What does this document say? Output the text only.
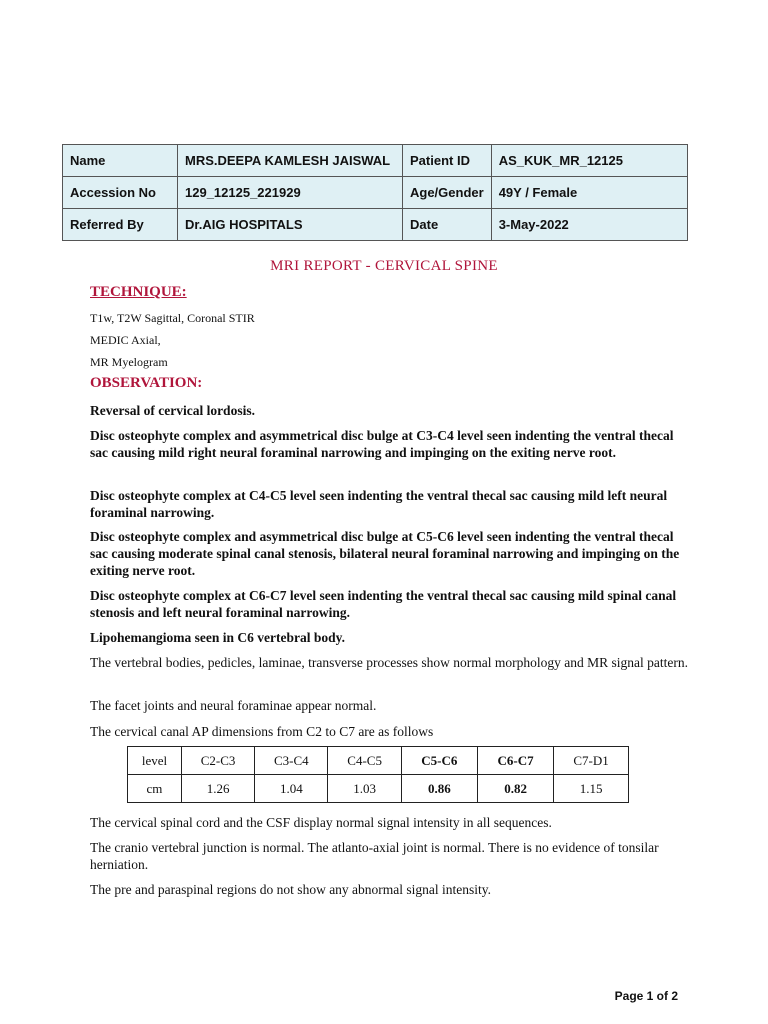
Name	MRS.DEEPA KAMLESH JAISWAL	Patient ID	AS_KUK_MR_12125
Accession No	129_12125_221929	Age/Gender	49Y / Female
Referred By	Dr.AIG HOSPITALS	Date	3-May-2022
MRI REPORT - CERVICAL SPINE
TECHNIQUE:
T1w, T2W Sagittal, Coronal STIR
MEDIC Axial,
MR Myelogram
OBSERVATION:
Reversal of cervical lordosis.
Disc osteophyte complex and asymmetrical disc bulge at C3-C4 level seen indenting the ventral thecal sac causing mild right neural foraminal narrowing and impinging on the exiting nerve root.
Disc osteophyte complex at C4-C5 level seen indenting the ventral thecal sac causing mild left neural foraminal narrowing.
Disc osteophyte complex and asymmetrical disc bulge at C5-C6 level seen indenting the ventral thecal sac causing moderate spinal canal stenosis, bilateral neural foraminal narrowing and impinging on the exiting nerve root.
Disc osteophyte complex at C6-C7 level seen indenting the ventral thecal sac causing mild spinal canal stenosis and left neural foraminal narrowing.
Lipohemangioma seen in C6 vertebral body.
The vertebral bodies, pedicles, laminae, transverse processes show normal morphology and MR signal pattern.
The facet joints and neural foraminae appear normal.
The cervical canal AP dimensions from C2 to C7 are as follows
level	C2-C3	C3-C4	C4-C5	C5-C6	C6-C7	C7-D1
cm	1.26	1.04	1.03	0.86	0.82	1.15
The cervical spinal cord and the CSF display normal signal intensity in all sequences.
The cranio vertebral junction is normal. The atlanto-axial joint is normal. There is no evidence of tonsilar herniation.
The pre and paraspinal regions do not show any abnormal signal intensity.
Page 1 of 2
